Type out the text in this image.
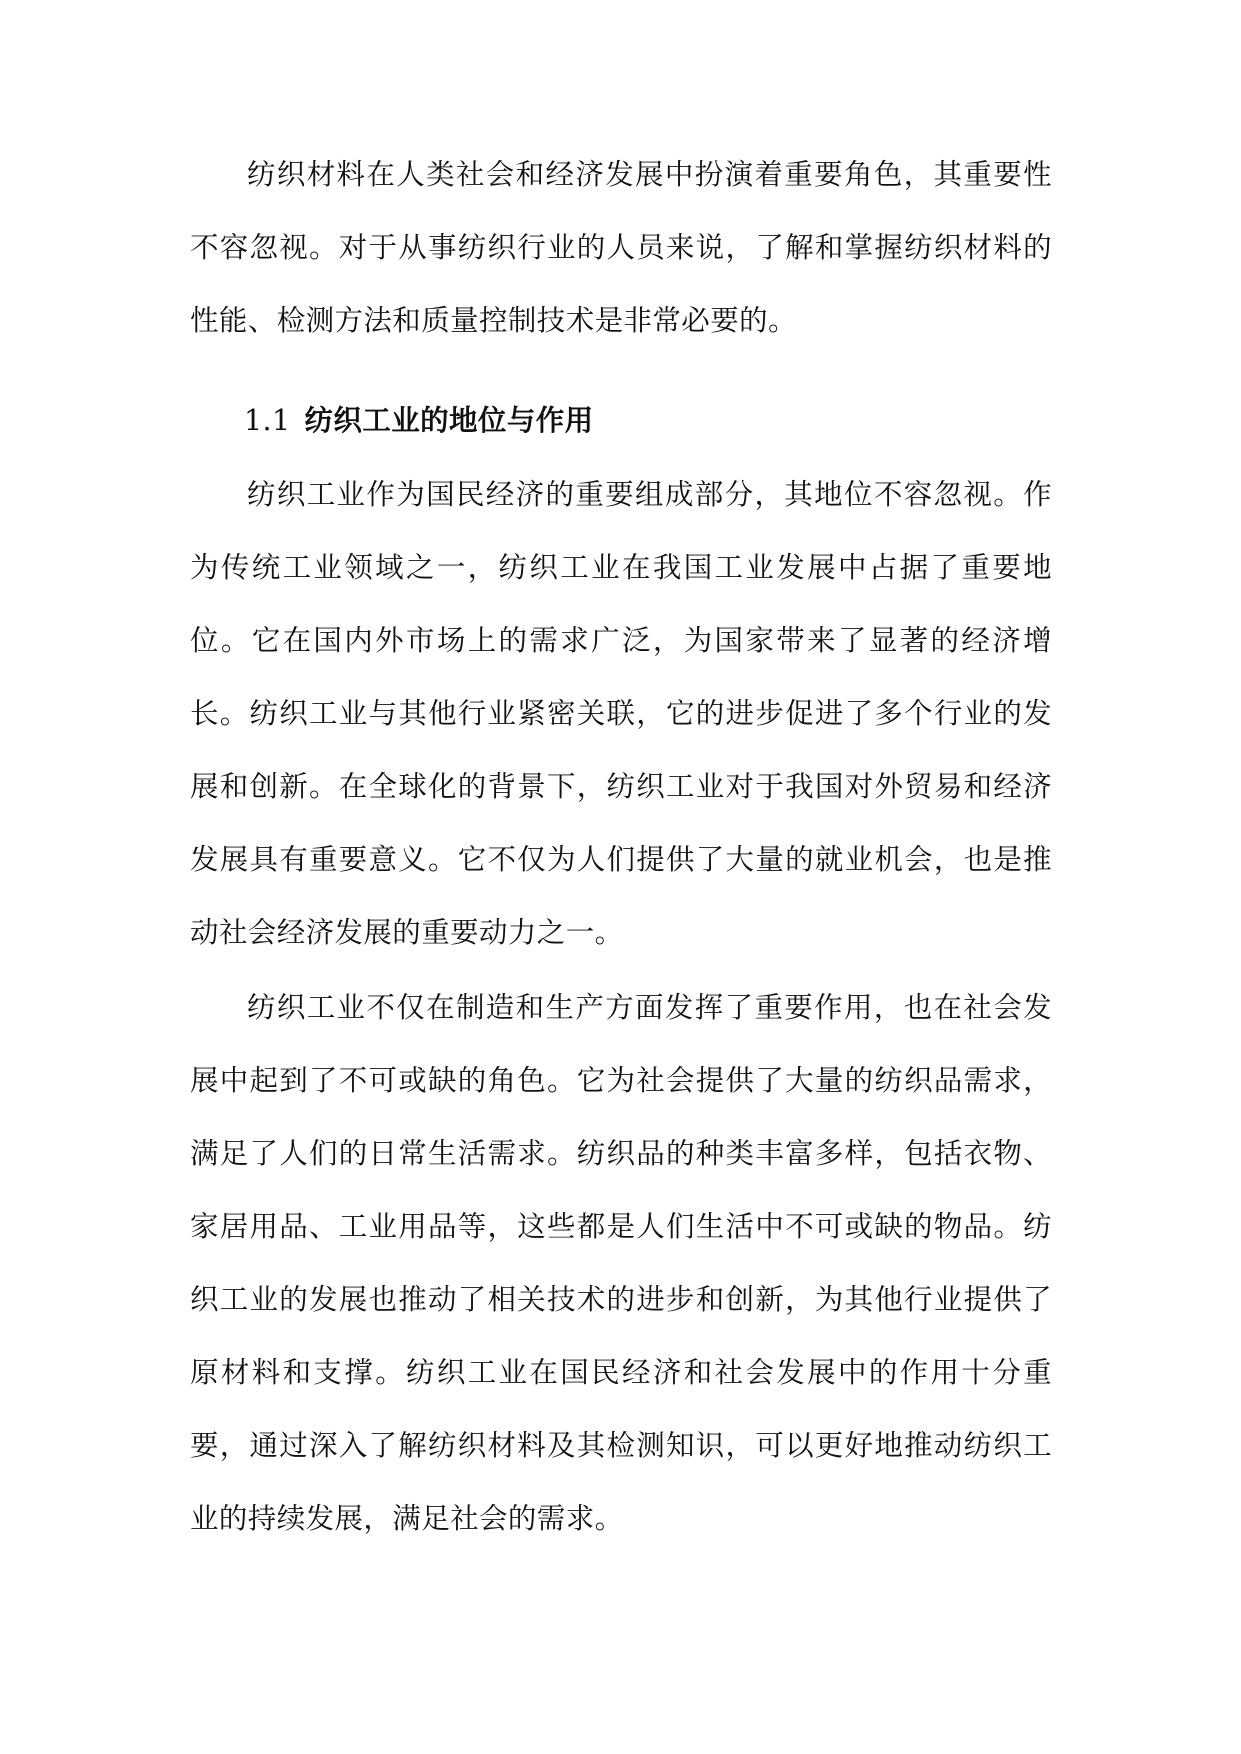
纺织材料在人类社会和经济发展中扮演着重要角色，其重要性不容忽视。对于从事纺织行业的人员来说，了解和掌握纺织材料的性能、检测方法和质量控制技术是非常必要的。

1.1 纺织工业的地位与作用

纺织工业作为国民经济的重要组成部分，其地位不容忽视。作为传统工业领域之一，纺织工业在我国工业发展中占据了重要地位。它在国内外市场上的需求广泛，为国家带来了显著的经济增长。纺织工业与其他行业紧密关联，它的进步促进了多个行业的发展和创新。在全球化的背景下，纺织工业对于我国对外贸易和经济发展具有重要意义。它不仅为人们提供了大量的就业机会，也是推动社会经济发展的重要动力之一。

纺织工业不仅在制造和生产方面发挥了重要作用，也在社会发展中起到了不可或缺的角色。它为社会提供了大量的纺织品需求，满足了人们的日常生活需求。纺织品的种类丰富多样，包括衣物、家居用品、工业用品等，这些都是人们生活中不可或缺的物品。纺织工业的发展也推动了相关技术的进步和创新，为其他行业提供了原材料和支撑。纺织工业在国民经济和社会发展中的作用十分重要，通过深入了解纺织材料及其检测知识，可以更好地推动纺织工业的持续发展，满足社会的需求。
